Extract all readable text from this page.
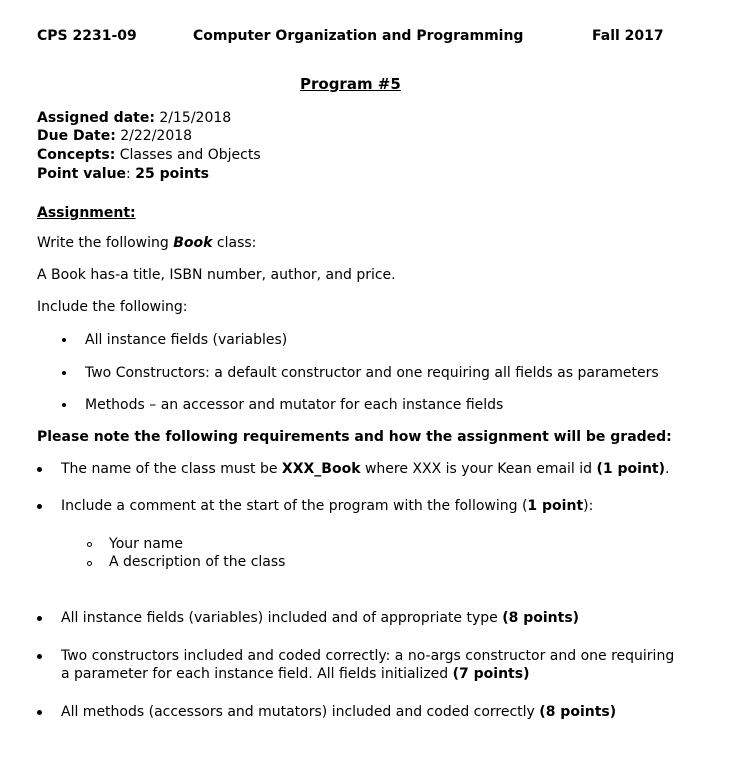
CPS 2231-09	Computer Organization and Programming	Fall 2017
Program #5
Assigned date: 2/15/2018
Due Date: 2/22/2018
Concepts: Classes and Objects
Point value: 25 points
Assignment:
Write the following Book class:
A Book has-a title, ISBN number, author, and price.
Include the following:
All instance fields (variables)
Two Constructors: a default constructor and one requiring all fields as parameters
Methods – an accessor and mutator for each instance fields
Please note the following requirements and how the assignment will be graded:
The name of the class must be XXX_Book where XXX is your Kean email id (1 point).
Include a comment at the start of the program with the following (1 point):
Your name
A description of the class
All instance fields (variables) included and of appropriate type (8 points)
Two constructors included and coded correctly: a no-args constructor and one requiring
a parameter for each instance field. All fields initialized (7 points)
All methods (accessors and mutators) included and coded correctly (8 points)
